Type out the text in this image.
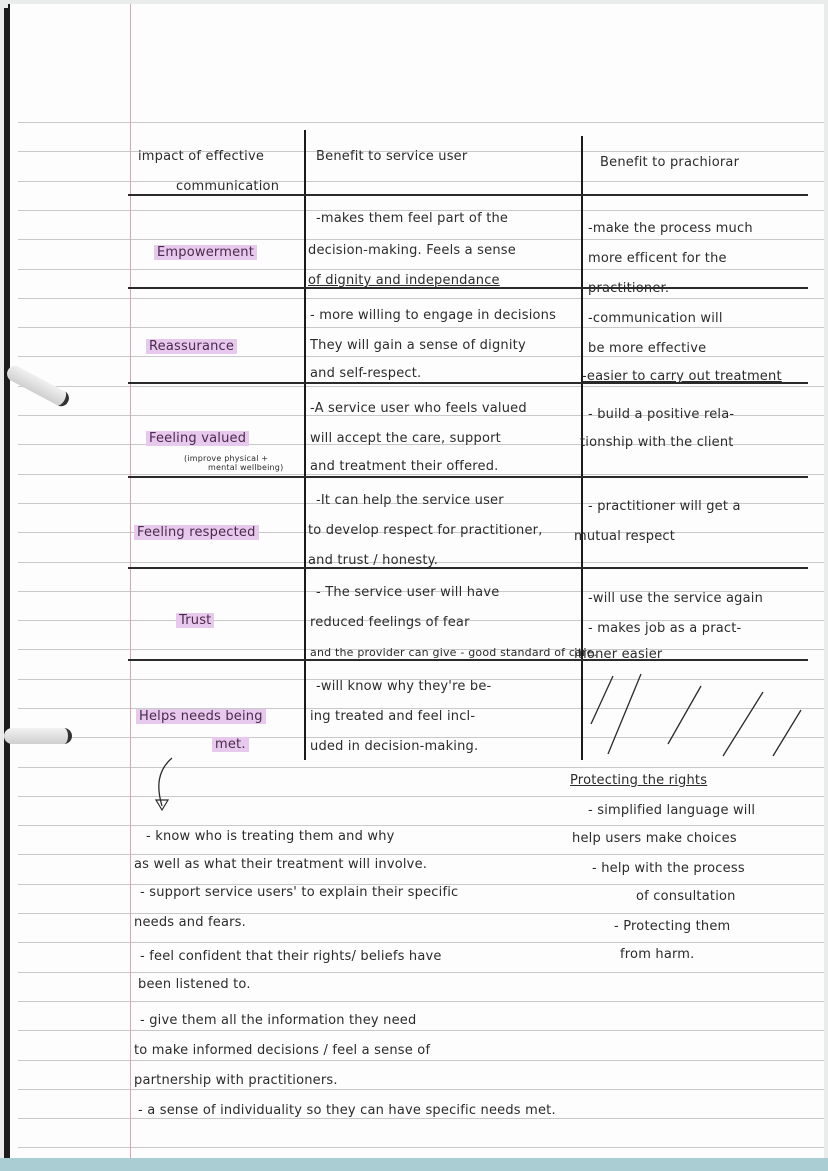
impact of effective
communication
Benefit to service user	Benefit to prachiorar
Empowerment
-makes them feel part of the
decision-making. Feels a sense
of dignity and independance
-make the process much
more efficent for the
practitioner.
Reassurance
- more willing to engage in decisions
They will gain a sense of dignity
and self-respect.
-communication will
be more effective
-easier to carry out treatment
Feeling valued
(improve physical +
mental wellbeing)
-A service user who feels valued
will accept the care, support
and treatment their offered.
- build a positive rela-
tionship with the client
Feeling respected
-It can help the service user
to develop respect for practitioner,
and trust / honesty.
- practitioner will get a
mutual respect
Trust
- The service user will have
reduced feelings of fear
and the provider can give - good standard of care.
-will use the service again
- makes job as a pract-
itioner easier
Helps needs being
met.
-will know why they're be-
ing treated and feel incl-
uded in decision-making.
Protecting the rights
- simplified language will
help users make choices
- help with the process
of consultation
- Protecting them
from harm.
- know who is treating them and why
as well as what their treatment will involve.
- support service users' to explain their specific
needs and fears.
- feel confident that their rights/ beliefs have
been listened to.
- give them all the information they need
to make informed decisions / feel a sense of
partnership with practitioners.
- a sense of individuality so they can have specific needs met.
